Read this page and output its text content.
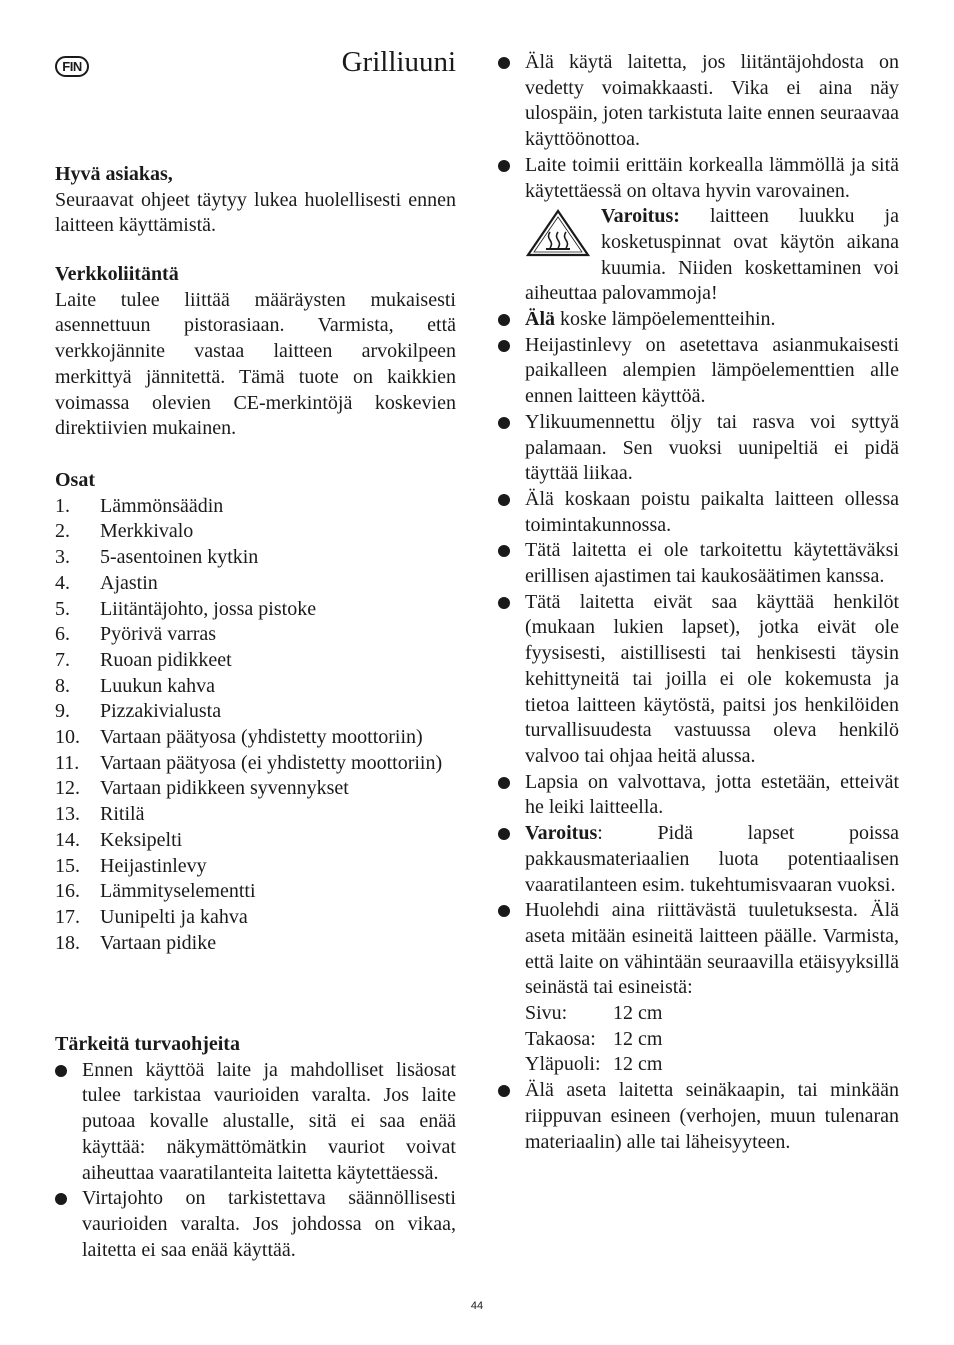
FIN	Grilliuuni
Hyvä asiakas,
Seuraavat ohjeet täytyy lukea huolellisesti ennen laitteen käyttämistä.
Verkkoliitäntä
Laite tulee liittää määräysten mukaisesti asennettuun pistorasiaan. Varmista, että verkkojännite vastaa laitteen arvokilpeen merkittyä jännitettä. Tämä tuote on kaikkien voimassa olevien CE-merkintöjä koskevien direktiivien mukainen.
Osat
1.	Lämmönsäädin
2.	Merkkivalo
3.	5-asentoinen kytkin
4.	Ajastin
5.	Liitäntäjohto, jossa pistoke
6.	Pyörivä varras
7.	Ruoan pidikkeet
8.	Luukun kahva
9.	Pizzakivialusta
10.	Vartaan päätyosa (yhdistetty moottoriin)
11.	Vartaan päätyosa (ei yhdistetty moottoriin)
12.	Vartaan pidikkeen syvennykset
13.	Ritilä
14.	Keksipelti
15.	Heijastinlevy
16.	Lämmityselementti
17.	Uunipelti ja kahva
18.	Vartaan pidike
Tärkeitä turvaohjeita
Ennen käyttöä laite ja mahdolliset lisäosat tulee tarkistaa vaurioiden varalta. Jos laite putoaa kovalle alustalle, sitä ei saa enää käyttää: näkymättömätkin vauriot voivat aiheuttaa vaaratilanteita laitetta käytettäessä.
Virtajohto on tarkistettava säännöllisesti vaurioiden varalta. Jos johdossa on vikaa, laitetta ei saa enää käyttää.
Älä käytä laitetta, jos liitäntäjohdosta on vedetty voimakkaasti. Vika ei aina näy ulospäin, joten tarkistuta laite ennen seuraavaa käyttöönottoa.
Laite toimii erittäin korkealla lämmöllä ja sitä käytettäessä on oltava hyvin varovainen.
Varoitus: laitteen luukku ja kosketuspinnat ovat käytön aikana kuumia. Niiden koskettaminen voi aiheuttaa palovammoja!
Älä koske lämpöelementteihin.
Heijastinlevy on asetettava asianmukaisesti paikalleen alempien lämpöelementtien alle ennen laitteen käyttöä.
Ylikuumennettu öljy tai rasva voi syttyä palamaan. Sen vuoksi uunipeltiä ei pidä täyttää liikaa.
Älä koskaan poistu paikalta laitteen ollessa toimintakunnossa.
Tätä laitetta ei ole tarkoitettu käytettäväksi erillisen ajastimen tai kaukosäätimen kanssa.
Tätä laitetta eivät saa käyttää henkilöt (mukaan lukien lapset), jotka eivät ole fyysisesti, aistillisesti tai henkisesti täysin kehittyneitä tai joilla ei ole kokemusta ja tietoa laitteen käytöstä, paitsi jos henkilöiden turvallisuudesta vastuussa oleva henkilö valvoo tai ohjaa heitä alussa.
Lapsia on valvottava, jotta estetään, etteivät he leiki laitteella.
Varoitus: Pidä lapset poissa pakkausmateriaalien luota potentiaalisen vaaratilanteen esim. tukehtumisvaaran vuoksi.
Huolehdi aina riittävästä tuuletuksesta. Älä aseta mitään esineitä laitteen päälle. Varmista, että laite on vähintään seuraavilla etäisyyksillä seinästä tai esineistä:
Sivu:	12 cm
Takaosa: 12 cm
Yläpuoli: 12 cm
Älä aseta laitetta seinäkaapin, tai minkään riippuvan esineen (verhojen, muun tulenaran materiaalin) alle tai läheisyyteen.
44
